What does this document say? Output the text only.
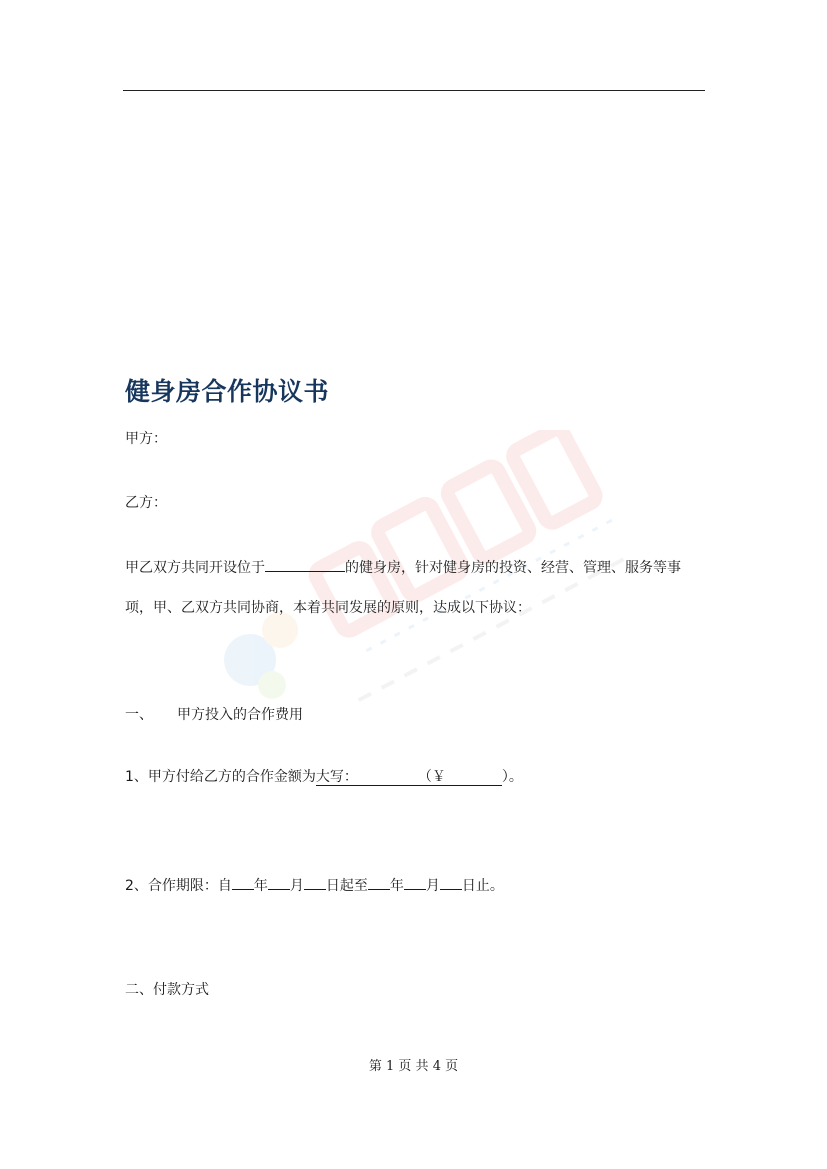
健身房合作协议书
甲方：
乙方：
甲乙双方共同开设位于	的健身房，针对健身房的投资、经营、管理、服务等事
项，甲、乙双方共同协商，本着共同发展的原则，达成以下协议：
一、 甲方投入的合作费用
1、甲方付给乙方的合作金额为大写：	（￥	）。
2、合作期限：自 年 月 日起至 年 月 日止。
二、付款方式
第 1 页 共 4 页
